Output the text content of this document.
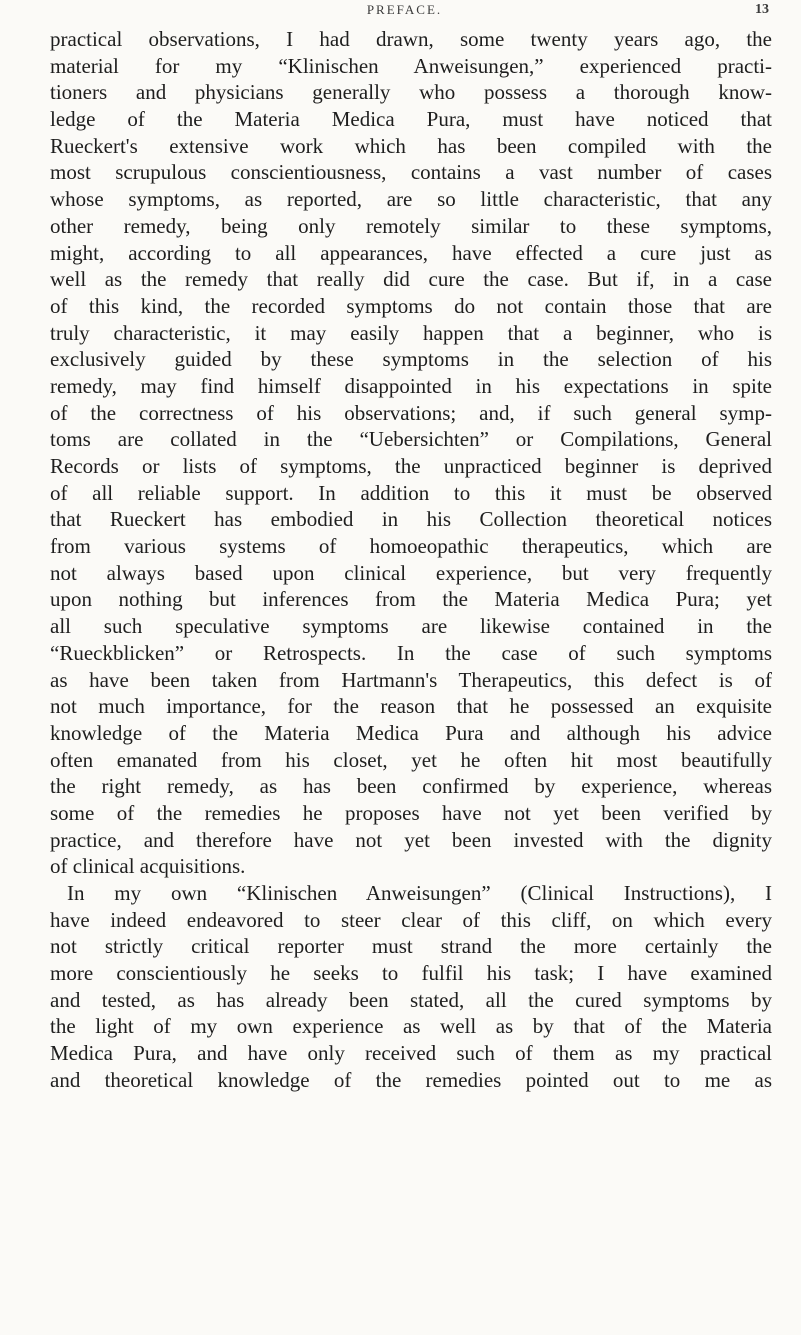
PREFACE.	13
practical observations, I had drawn, some twenty years ago, the
material for my “Klinischen Anweisungen,” experienced practi-
tioners and physicians generally who possess a thorough know-
ledge of the Materia Medica Pura, must have noticed that
Rueckert's extensive work which has been compiled with the
most scrupulous conscientiousness, contains a vast number of cases
whose symptoms, as reported, are so little characteristic, that any
other remedy, being only remotely similar to these symptoms,
might, according to all appearances, have effected a cure just as
well as the remedy that really did cure the case. But if, in a case
of this kind, the recorded symptoms do not contain those that are
truly characteristic, it may easily happen that a beginner, who is
exclusively guided by these symptoms in the selection of his
remedy, may find himself disappointed in his expectations in spite
of the correctness of his observations; and, if such general symp-
toms are collated in the “Uebersichten” or Compilations, General
Records or lists of symptoms, the unpracticed beginner is deprived
of all reliable support. In addition to this it must be observed
that Rueckert has embodied in his Collection theoretical notices
from various systems of homoeopathic therapeutics, which are
not always based upon clinical experience, but very frequently
upon nothing but inferences from the Materia Medica Pura; yet
all such speculative symptoms are likewise contained in the
“Rueckblicken” or Retrospects. In the case of such symptoms
as have been taken from Hartmann's Therapeutics, this defect is of
not much importance, for the reason that he possessed an exquisite
knowledge of the Materia Medica Pura and although his advice
often emanated from his closet, yet he often hit most beautifully
the right remedy, as has been confirmed by experience, whereas
some of the remedies he proposes have not yet been verified by
practice, and therefore have not yet been invested with the dignity
of clinical acquisitions.
In my own “Klinischen Anweisungen” (Clinical Instructions), I
have indeed endeavored to steer clear of this cliff, on which every
not strictly critical reporter must strand the more certainly the
more conscientiously he seeks to fulfil his task; I have examined
and tested, as has already been stated, all the cured symptoms by
the light of my own experience as well as by that of the Materia
Medica Pura, and have only received such of them as my practical
and theoretical knowledge of the remedies pointed out to me as
